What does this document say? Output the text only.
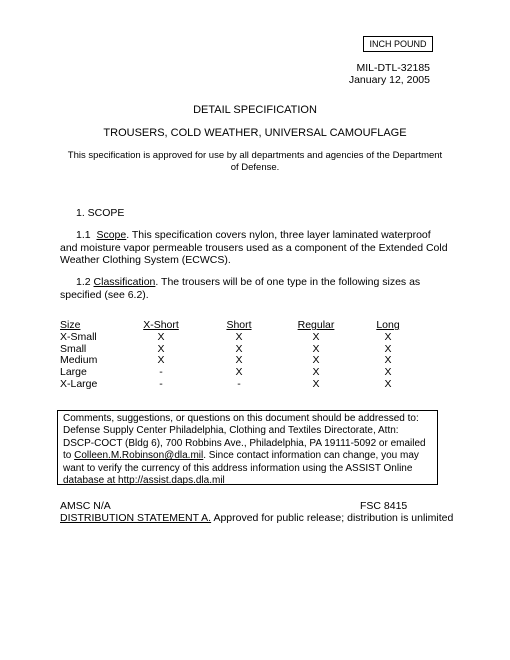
INCH POUND
MIL-DTL-32185
January 12, 2005
DETAIL SPECIFICATION
TROUSERS, COLD WEATHER, UNIVERSAL CAMOUFLAGE
This specification is approved for use by all departments and agencies of the Department of Defense.
1. SCOPE
1.1 Scope. This specification covers nylon, three layer laminated waterproof and moisture vapor permeable trousers used as a component of the Extended Cold Weather Clothing System (ECWCS).
1.2 Classification. The trousers will be of one type in the following sizes as specified (see 6.2).
Size	X-Short	Short	Regular	Long
X-Small	X	X	X	X
Small	X	X	X	X
Medium	X	X	X	X
Large	-	X	X	X
X-Large	-	-	X	X
Comments, suggestions, or questions on this document should be addressed to: Defense Supply Center Philadelphia, Clothing and Textiles Directorate, Attn: DSCP-COCT (Bldg 6), 700 Robbins Ave., Philadelphia, PA 19111-5092 or emailed to Colleen.M.Robinson@dla.mil. Since contact information can change, you may want to verify the currency of this address information using the ASSIST Online database at http://assist.daps.dla.mil
AMSC N/A	FSC 8415
DISTRIBUTION STATEMENT A. Approved for public release; distribution is unlimited
